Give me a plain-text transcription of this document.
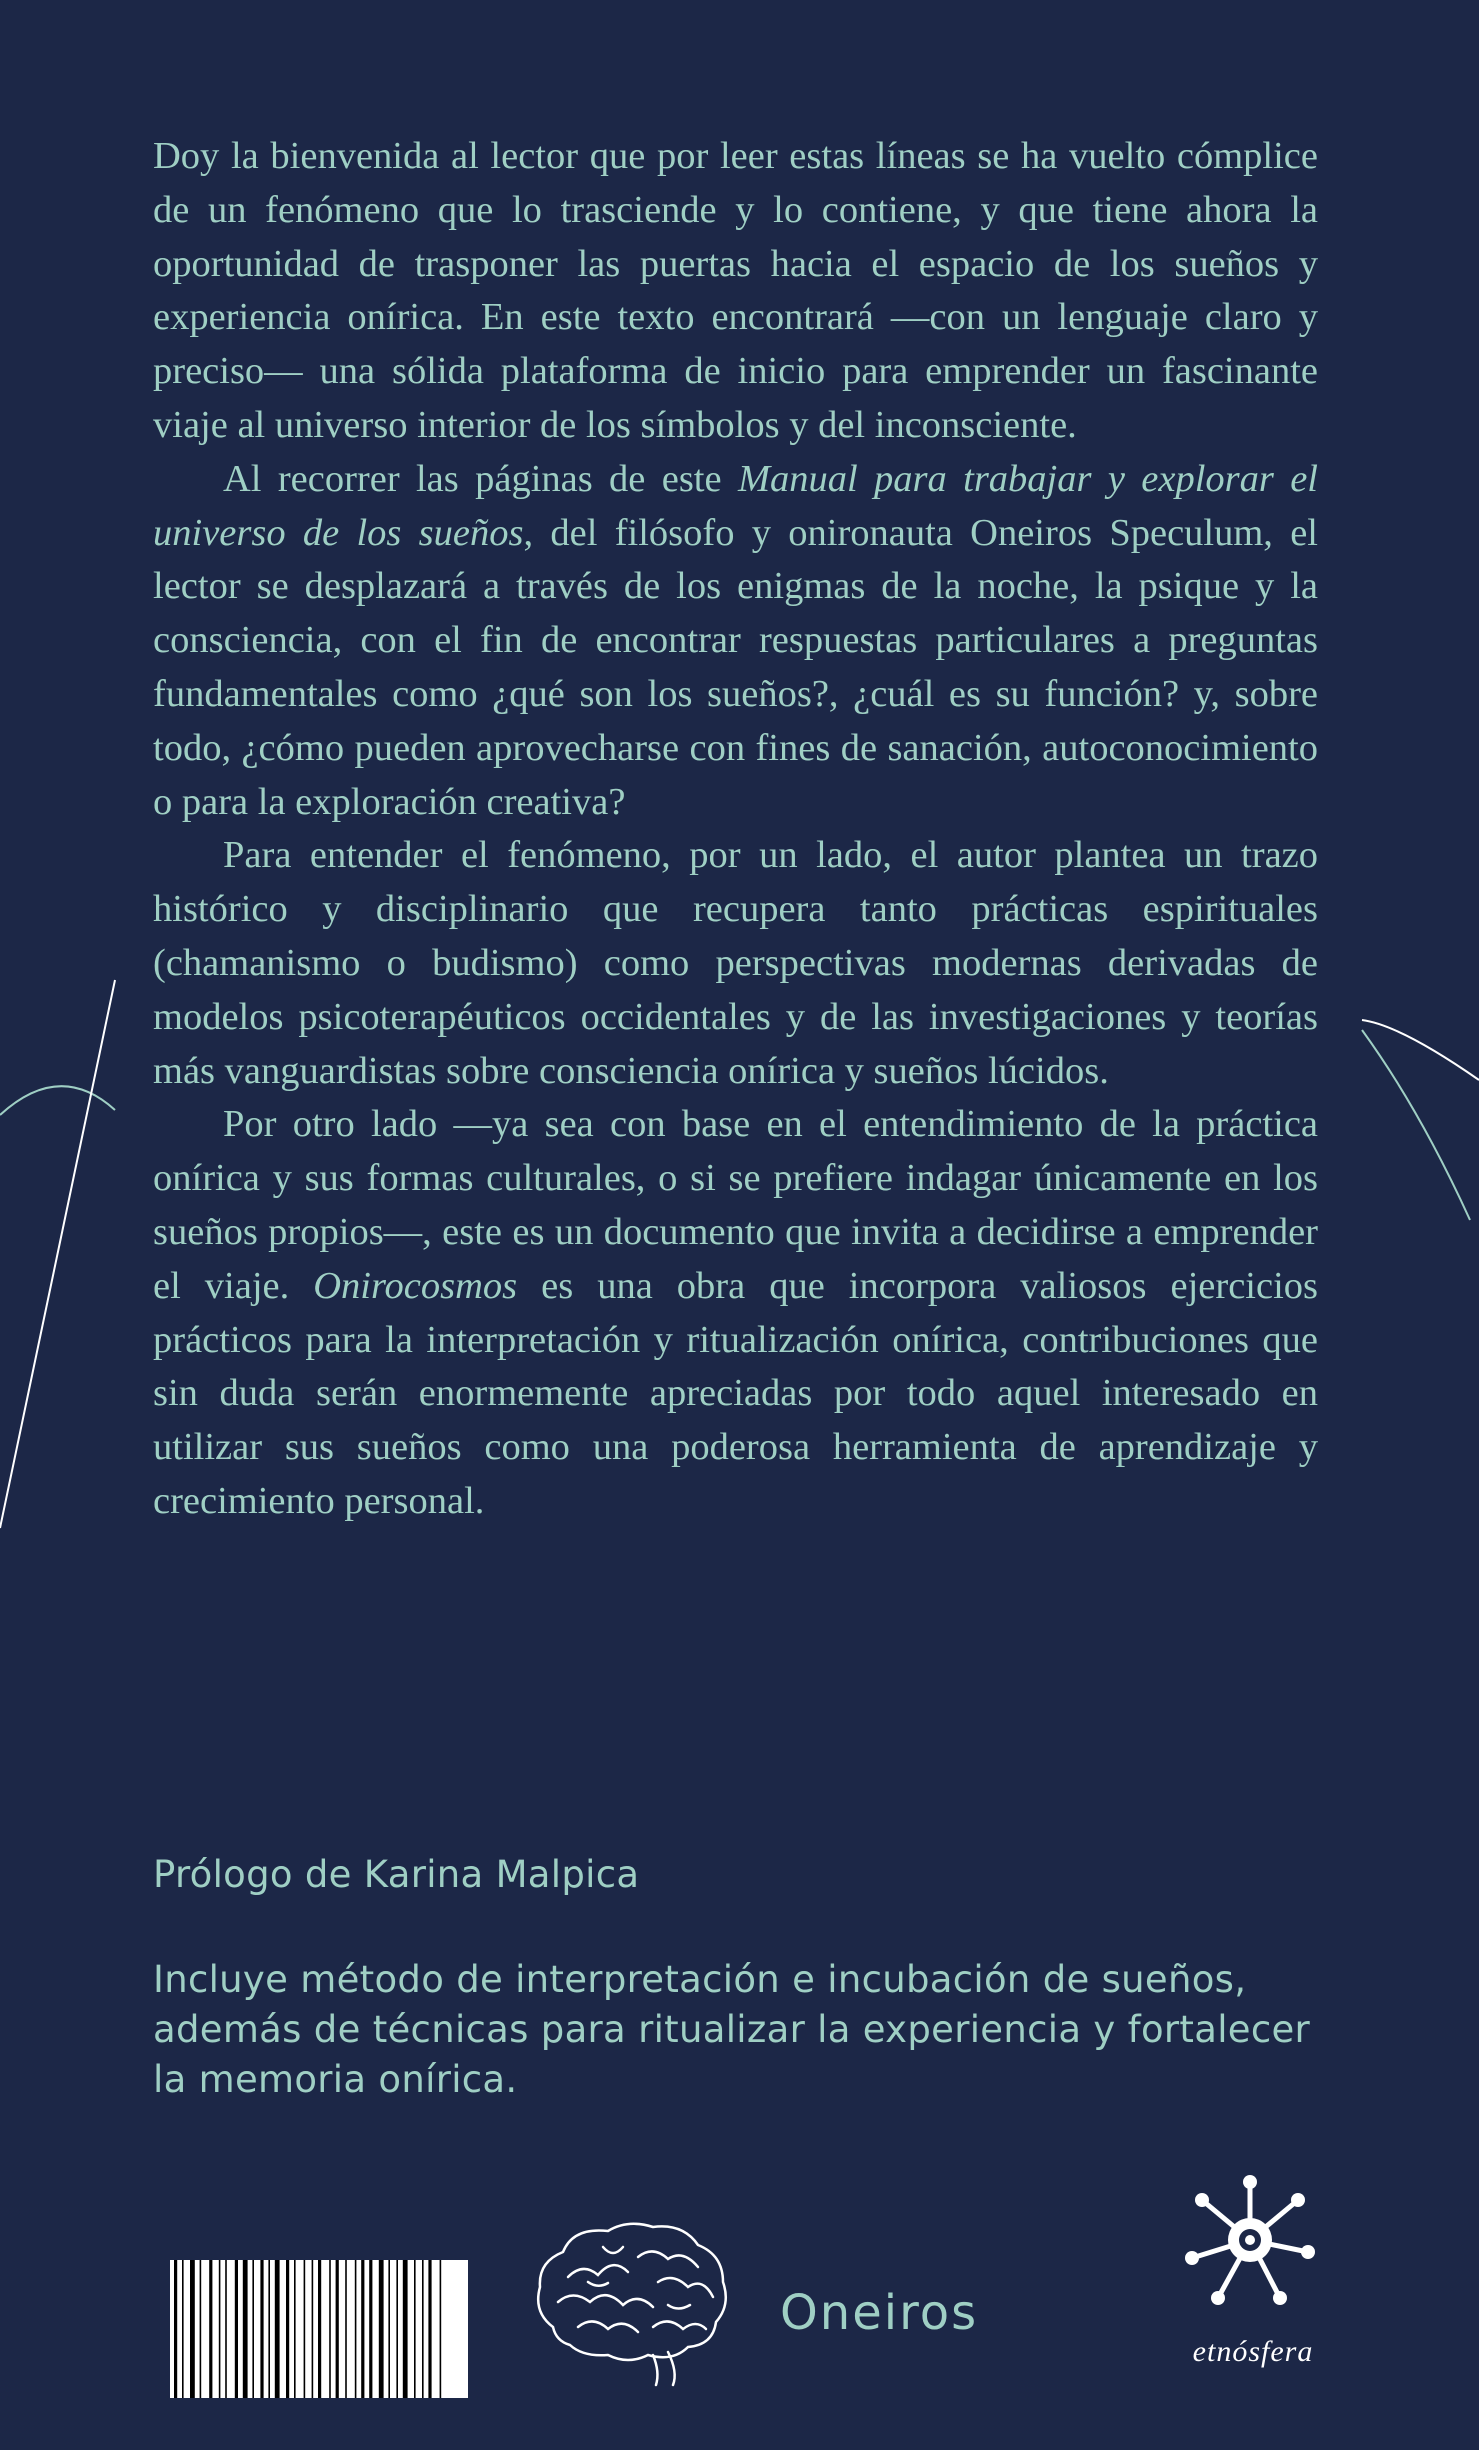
Doy la bienvenida al lector que por leer estas líneas se ha vuelto cómplice de un fenómeno que lo trasciende y lo contiene, y que tiene ahora la oportunidad de trasponer las puertas hacia el espacio de los sueños y experiencia onírica. En este texto encontrará —con un lenguaje claro y preciso— una sólida plataforma de inicio para emprender un fascinante viaje al universo interior de los símbolos y del inconsciente.

Al recorrer las páginas de este Manual para trabajar y explorar el universo de los sueños, del filósofo y onironauta Oneiros Speculum, el lector se desplazará a través de los enigmas de la noche, la psique y la consciencia, con el fin de encontrar respuestas particulares a preguntas fundamentales como ¿qué son los sueños?, ¿cuál es su función? y, sobre todo, ¿cómo pueden aprovecharse con fines de sanación, autoconocimiento o para la exploración creativa?

Para entender el fenómeno, por un lado, el autor plantea un trazo histórico y disciplinario que recupera tanto prácticas espirituales (chamanismo o budismo) como perspectivas modernas derivadas de modelos psicoterapéuticos occidentales y de las investigaciones y teorías más vanguardistas sobre consciencia onírica y sueños lúcidos.

Por otro lado —ya sea con base en el entendimiento de la práctica onírica y sus formas culturales, o si se prefiere indagar únicamente en los sueños propios—, este es un documento que invita a decidirse a emprender el viaje. Onirocosmos es una obra que incorpora valiosos ejercicios prácticos para la interpretación y ritualización onírica, contribuciones que sin duda serán enormemente apreciadas por todo aquel interesado en utilizar sus sueños como una poderosa herramienta de aprendizaje y crecimiento personal.

Prólogo de Karina Malpica
Incluye método de interpretación e incubación de sueños, además de técnicas para ritualizar la experiencia y fortalecer la memoria onírica.
Oneiros
etnósfera
